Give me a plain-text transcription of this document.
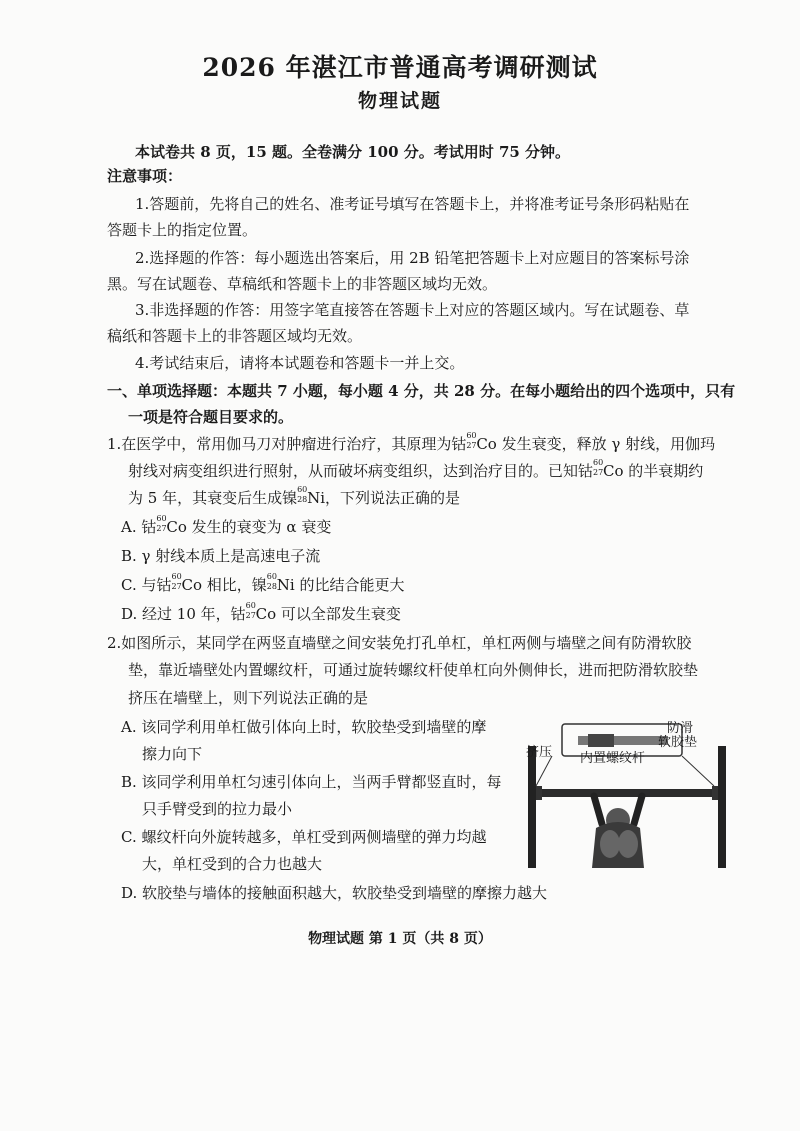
2026 年湛江市普通高考调研测试
物理试题
本试卷共 8 页，15 题。全卷满分 100 分。考试用时 75 分钟。
注意事项：
1.答题前，先将自己的姓名、准考证号填写在答题卡上，并将准考证号条形码粘贴在
答题卡上的指定位置。
2.选择题的作答：每小题选出答案后，用 2B 铅笔把答题卡上对应题目的答案标号涂
黑。写在试题卷、草稿纸和答题卡上的非答题区域均无效。
3.非选择题的作答：用签字笔直接答在答题卡上对应的答题区域内。写在试题卷、草
稿纸和答题卡上的非答题区域均无效。
4.考试结束后，请将本试题卷和答题卡一并上交。
一、单项选择题：本题共 7 小题，每小题 4 分，共 28 分。在每小题给出的四个选项中，只有
一项是符合题目要求的。
1.在医学中，常用伽马刀对肿瘤进行治疗，其原理为钴 60
27 Co 发生衰变，释放 γ 射线，用伽玛
射线对病变组织进行照射，从而破坏病变组织，达到治疗目的。已知钴 60
27 Co 的半衰期约
为 5 年，其衰变后生成镍 60
28 Ni，下列说法正确的是
A. 钴 60
27 Co 发生的衰变为 α 衰变
B. γ 射线本质上是高速电子流
C. 与钴 60
27 Co 相比，镍 60
28 Ni 的比结合能更大
D. 经过 10 年，钴 60
27 Co 可以全部发生衰变
2.如图所示，某同学在两竖直墙壁之间安装免打孔单杠，单杠两侧与墙壁之间有防滑软胶
垫，靠近墙壁处内置螺纹杆，可通过旋转螺纹杆使单杠向外侧伸长，进而把防滑软胶垫
挤压在墙壁上，则下列说法正确的是
A. 该同学利用单杠做引体向上时，软胶垫受到墙壁的摩
擦力向下
B. 该同学利用单杠匀速引体向上，当两手臂都竖直时，每
只手臂受到的拉力最小
C. 螺纹杆向外旋转越多，单杠受到两侧墙壁的弹力均越
大，单杠受到的合力也越大
D. 软胶垫与墙体的接触面积越大，软胶垫受到墙壁的摩擦力越大
挤压
防滑
软胶垫
内置螺纹杆
物理试题 第 1 页（共 8 页）
